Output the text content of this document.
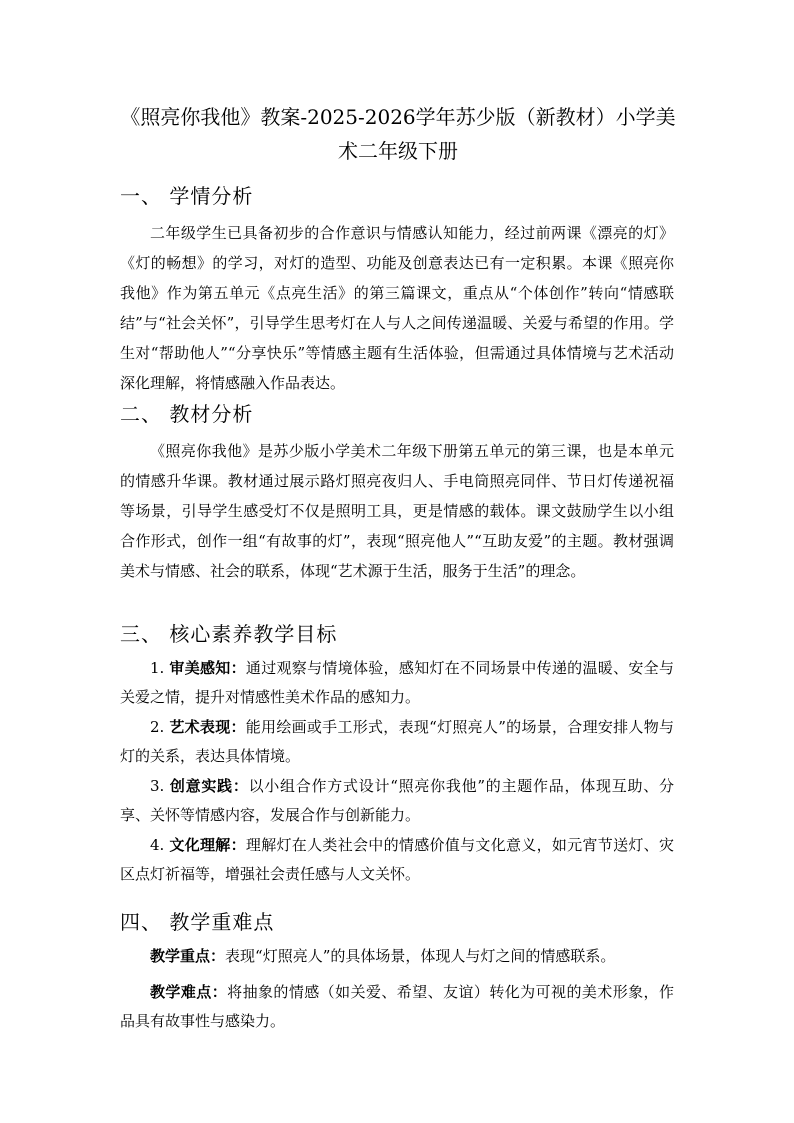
《照亮你我他》教案-2025-2026学年苏少版（新教材）小学美术二年级下册
一、 学情分析

二年级学生已具备初步的合作意识与情感认知能力，经过前两课《漂亮的灯》《灯的畅想》的学习，对灯的造型、功能及创意表达已有一定积累。本课《照亮你我他》作为第五单元《点亮生活》的第三篇课文，重点从“个体创作”转向“情感联结”与“社会关怀”，引导学生思考灯在人与人之间传递温暖、关爱与希望的作用。学生对“帮助他人”“分享快乐”等情感主题有生活体验，但需通过具体情境与艺术活动深化理解，将情感融入作品表达。

二、 教材分析

《照亮你我他》是苏少版小学美术二年级下册第五单元的第三课，也是本单元的情感升华课。教材通过展示路灯照亮夜归人、手电筒照亮同伴、节日灯传递祝福等场景，引导学生感受灯不仅是照明工具，更是情感的载体。课文鼓励学生以小组合作形式，创作一组“有故事的灯”，表现“照亮他人”“互助友爱”的主题。教材强调美术与情感、社会的联系，体现“艺术源于生活，服务于生活”的理念。

三、 核心素养教学目标

1. 审美感知：通过观察与情境体验，感知灯在不同场景中传递的温暖、安全与关爱之情，提升对情感性美术作品的感知力。

2. 艺术表现：能用绘画或手工形式，表现“灯照亮人”的场景，合理安排人物与灯的关系，表达具体情境。

3. 创意实践：以小组合作方式设计“照亮你我他”的主题作品，体现互助、分享、关怀等情感内容，发展合作与创新能力。

4. 文化理解：理解灯在人类社会中的情感价值与文化意义，如元宵节送灯、灾区点灯祈福等，增强社会责任感与人文关怀。

四、 教学重难点

教学重点：表现“灯照亮人”的具体场景，体现人与灯之间的情感联系。

教学难点：将抽象的情感（如关爱、希望、友谊）转化为可视的美术形象，作品具有故事性与感染力。
